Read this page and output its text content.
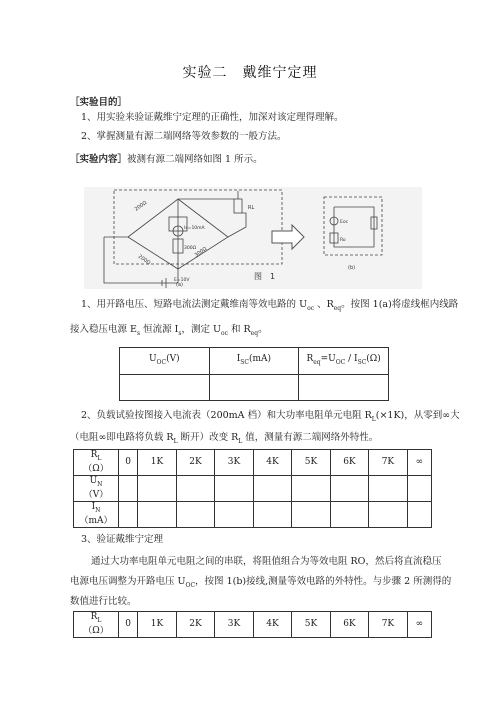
实验二　戴维宁定理
［实验目的］
1、用实验来验证戴维宁定理的正确性，加深对该定理得理解。
2、掌握测量有源二端网络等效参数的一般方法。
［实验内容］被测有源二端网络如图 1 所示。
200Ω
200Ω
300Ω
300Ω
Is=10mA
E=10V
RL
(a)
Eoc
Ro
(b)
图　1
1、用开路电压、短路电流法测定戴维南等效电路的 $U_{oc}$ 、$R_{eq}$。按图 1(a)将虚线框内线路
接入稳压电源 $E_s$ 恒流源 $I_s$，测定 $U_{oc}$ 和 $R_{eq}$。
$U_{OC}(V)$	$I_{SC}(mA)$	$R_{eq}=U_{OC} / I_{SC}(\Omega)$

2、负载试验按图接入电流表（200mA 档）和大功率电阻单元电阻 $R_L(\times 1K)$，从零到∞大
（电阻∞即电路将负载 $R_L$ 断开）改变 $R_L$ 值，测量有源二端网络外特性。
$R_L$
（Ω）	0	1K	2K	3K	4K	5K	6K	7K	∞
$U_N$
（V）									
$I_N$
（mA）									
3、验证戴维宁定理
通过大功率电阻单元电阻之间的串联，将阻值组合为等效电阻 RO，然后将直流稳压
电源电压调整为开路电压 $U_{OC}$，按图 1(b)接线,测量等效电路的外特性。与步骤 2 所测得的
数值进行比较。
$R_L$
（Ω）	0	1K	2K	3K	4K	5K	6K	7K	∞
